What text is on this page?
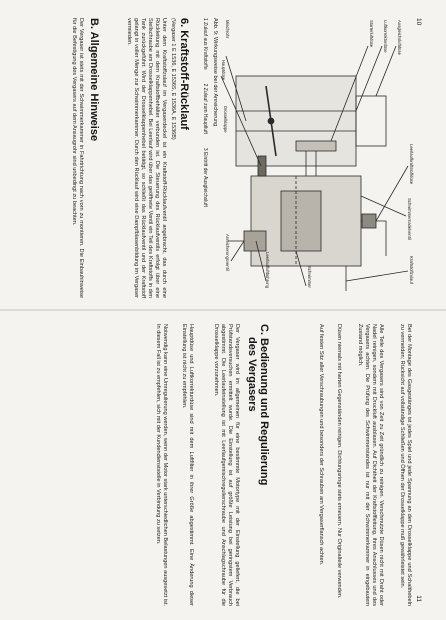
10
Ausgleichsluftdüse
Luftkorrekturdüse
Starterluftdüse
Mischrohr
Hauptdüse
Drosselklappe
Leerlaufkraftstoffdüse
Kraftstoffzulauf
Schwimmernadelventil
Schwimmer
Leerlaufluftbohrung
Anreicherungsventil
Abb. 9: Wirkungsweise bei der Anreicherung
1 Zulauf aus Kraftstoffe
2 Zulauf zum Hauptluft
3 Eintritt der Ausgleichsluft
6. Kraftstoff-Rücklauf
(Vergaser 1 E 1536, E 1536S, E 1536A, E 1536B)
Unter dem Kraftstoffzulauf im Vergaserdeckel ist ein Kraftstoff-Rücklaufventil angebracht, das durch eine Rückleitung mit dem Kraftstoffbehälter verbunden ist. Die Steuerung des Rücklaufventils erfolgt über eine Stellschraube am Drosselklappenhebel. Bei Leerlauf wird über das geöffnete Ventil ein Teil des Kraftstoffs in den Tank zurückgeführt. Wird der Drosselklappenhebel betätigt, so schließt das Rücklaufventil und der Kraftstoff gelangt in voller Menge zur Schwimmerkammer. Durch den Rücklauf wird eine Dampfblasenbildung im Vergaser vermieden.
B. Allgemeine Hinweise
Der Vergaser ist stets mit der Schwimmerkammer in Fahrtrichtung nach vorn zu montieren. Die Einbauhinweise für die Befestigung des Vergasers auf dem Ansaugrohr sind unbedingt zu beachten.
11
Bei der Montage des Gasgestänges ist jedes Spiel und jede Spannung an den Drosselklappe und Schalthebeln zu vermeiden; Rücksicht auf vollständige Schließen und Öffnen der Drosselklappe muß gewährleistet sein.
Alle Teile des Vergasers sind von Zeit zu Zeit gründlich zu reinigen. Verschmutzte Düsen nicht mit Draht oder Nadel reinigen, sondern mit Druckluft ausblasen. Auf Dichtheit der Kraftstoffleitung, ihres Anschlusses und des Vergasers achten. Die Prüfung des Schwimmerstandes ist nur mit der Schwimmerkammer in eingebautem Zustand möglich.
Düsen niemals mit harten Gegenständen reinigen. Dichtungsringe stets erneuern. Nur Originalteile verwenden.
Auf festen Sitz aller Verschraubungen und besonders der Schrauben am Vergaserflansch achten.
C. Bedienung und Regulierung
des Vergasers
Der Vergaser wird im allgemeinen für eine bestimmte Motortype mit der Einstellung geliefert, die bei Prüfstandsversuchen ermittelt wurde. Die Einstellung ist auf größte Leistung bei geringstem Verbrauch abgestimmt. Die Leerlaufeinstellung ist mit Leerlaufgemischregulierschraube und Anschlagschraube für die Drosselklappe vorzunehmen.
Hauptdüse und Luftkorrekturdüse sind mit dem Luftfilter in ihrer Größe abgestimmt. Eine Änderung dieser Einstellung ist nicht zu empfehlen.
Notwendig kann eine Umregulierung werden, wenn der Motor stark unterschiedlichen Belastungen ausgesetzt ist. In diesem Fall ist zu empfehlen, sich mit der Kundendienststelle in Verbindung zu setzen.
